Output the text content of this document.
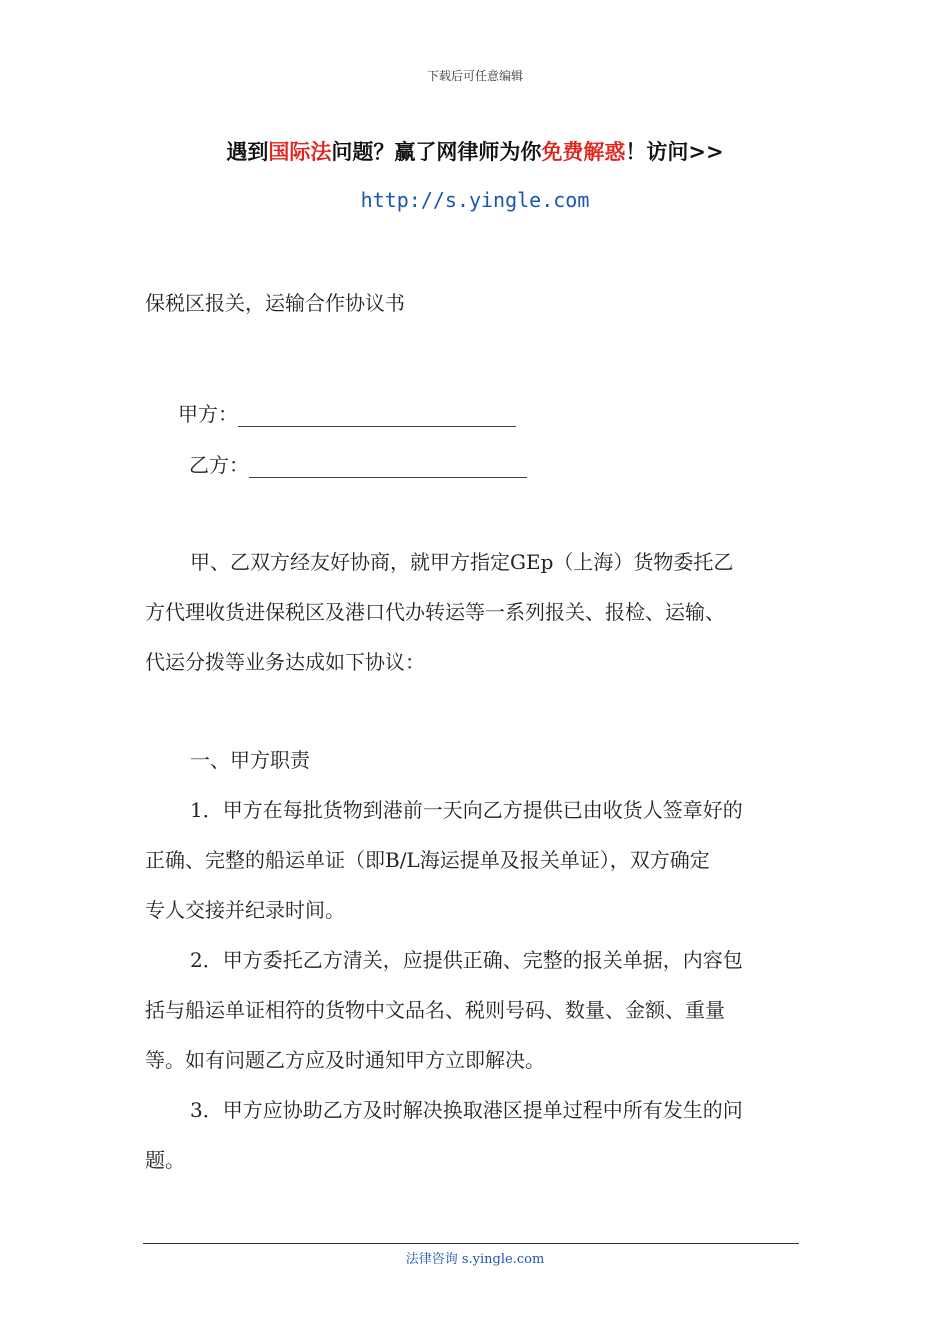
下载后可任意编辑
遇到国际法问题？赢了网律师为你免费解惑！访问>>
http://s.yingle.com
保税区报关，运输合作协议书
甲方：
乙方：
甲、乙双方经友好协商，就甲方指定GEp（上海）货物委托乙
方代理收货进保税区及港口代办转运等一系列报关、报检、运输、
代运分拨等业务达成如下协议：
一、甲方职责
1．甲方在每批货物到港前一天向乙方提供已由收货人签章好的
正确、完整的船运单证（即B/L海运提单及报关单证），双方确定
专人交接并纪录时间。
2．甲方委托乙方清关，应提供正确、完整的报关单据，内容包
括与船运单证相符的货物中文品名、税则号码、数量、金额、重量
等。如有问题乙方应及时通知甲方立即解决。
3．甲方应协助乙方及时解决换取港区提单过程中所有发生的问
题。
法律咨询 s.yingle.com
